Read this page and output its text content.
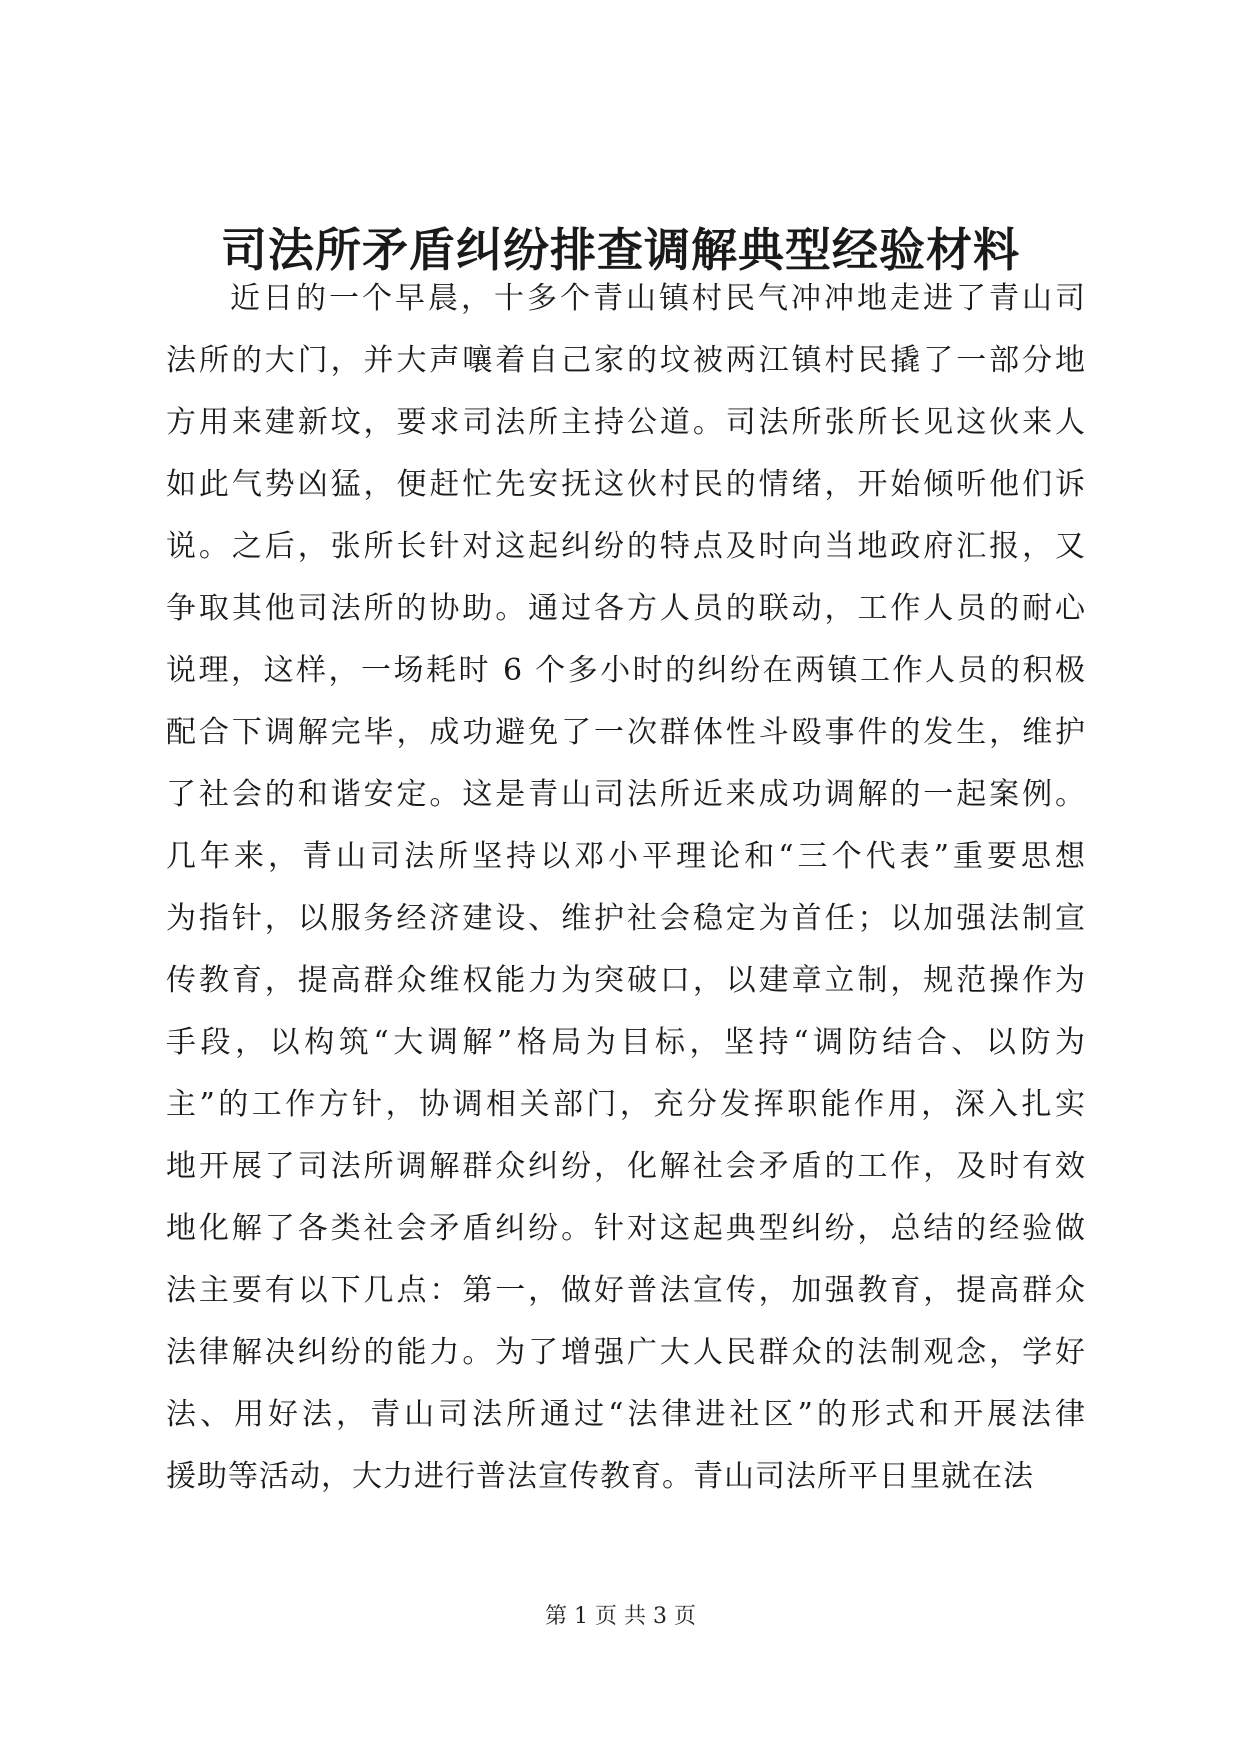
司法所矛盾纠纷排查调解典型经验材料
近日的一个早晨，十多个青山镇村民气冲冲地走进了青山司
法所的大门，并大声嚷着自己家的坟被两江镇村民撬了一部分地
方用来建新坟，要求司法所主持公道。司法所张所长见这伙来人
如此气势凶猛，便赶忙先安抚这伙村民的情绪，开始倾听他们诉
说。之后，张所长针对这起纠纷的特点及时向当地政府汇报，又
争取其他司法所的协助。通过各方人员的联动，工作人员的耐心
说理，这样，一场耗时 6 个多小时的纠纷在两镇工作人员的积极
配合下调解完毕，成功避免了一次群体性斗殴事件的发生，维护
了社会的和谐安定。这是青山司法所近来成功调解的一起案例。
几年来，青山司法所坚持以邓小平理论和“三个代表”重要思想
为指针，以服务经济建设、维护社会稳定为首任；以加强法制宣
传教育，提高群众维权能力为突破口，以建章立制，规范操作为
手段，以构筑“大调解”格局为目标，坚持“调防结合、以防为
主”的工作方针，协调相关部门，充分发挥职能作用，深入扎实
地开展了司法所调解群众纠纷，化解社会矛盾的工作，及时有效
地化解了各类社会矛盾纠纷。针对这起典型纠纷，总结的经验做
法主要有以下几点：第一，做好普法宣传，加强教育，提高群众
法律解决纠纷的能力。为了增强广大人民群众的法制观念，学好
法、用好法，青山司法所通过“法律进社区”的形式和开展法律
援助等活动，大力进行普法宣传教育。青山司法所平日里就在法
第 1 页 共 3 页
